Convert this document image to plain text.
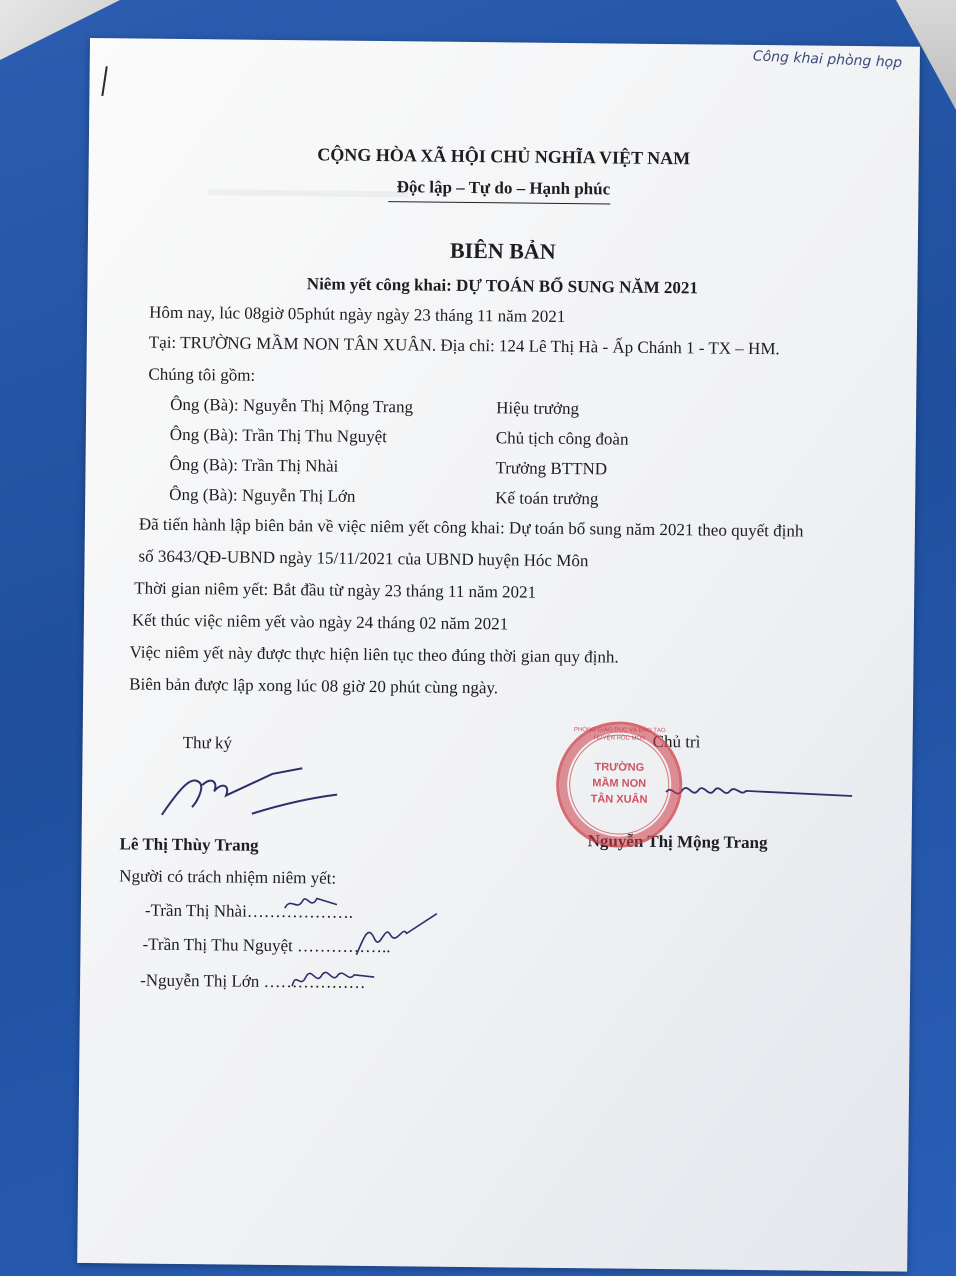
Công khai phòng họp
CỘNG HÒA XÃ HỘI CHỦ NGHĨA VIỆT NAM
Độc lập – Tự do – Hạnh phúc
BIÊN BẢN
Niêm yết công khai: DỰ TOÁN BỔ SUNG NĂM 2021
Hôm nay, lúc 08giờ 05phút ngày ngày 23 tháng 11 năm 2021
Tại: TRƯỜNG MẦM NON TÂN XUÂN. Địa chỉ: 124 Lê Thị Hà - Ấp Chánh 1 - TX – HM.
Chúng tôi gồm:
Ông (Bà): Nguyễn Thị Mộng Trang	Hiệu trưởng
Ông (Bà): Trần Thị Thu Nguyệt	Chủ tịch công đoàn
Ông (Bà): Trần Thị Nhài	Trưởng BTTND
Ông (Bà): Nguyễn Thị Lớn	Kế toán trưởng
Đã tiến hành lập biên bản về việc niêm yết công khai: Dự toán bổ sung năm 2021 theo quyết định
số 3643/QĐ-UBND ngày 15/11/2021 của UBND huyện Hóc Môn
Thời gian niêm yết: Bắt đầu từ ngày 23 tháng 11 năm 2021
Kết thúc việc niêm yết vào ngày 24 tháng 02 năm 2021
Việc niêm yết này được thực hiện liên tục theo đúng thời gian quy định.
Biên bản được lập xong lúc 08 giờ 20 phút cùng ngày.
Thư ký
Lê Thị Thùy Trang
Chủ trì
Nguyễn Thị Mộng Trang
TRƯỜNG
MẦM NON
TÂN XUÂN
PHÒNG GIÁO DỤC VÀ ĐÀO TẠO HUYỆN HÓC MÔN
Người có trách nhiệm niêm yết:
-Trần Thị Nhài……………….
-Trần Thị Thu Nguyệt ……………..
-Nguyễn Thị Lớn ………………
